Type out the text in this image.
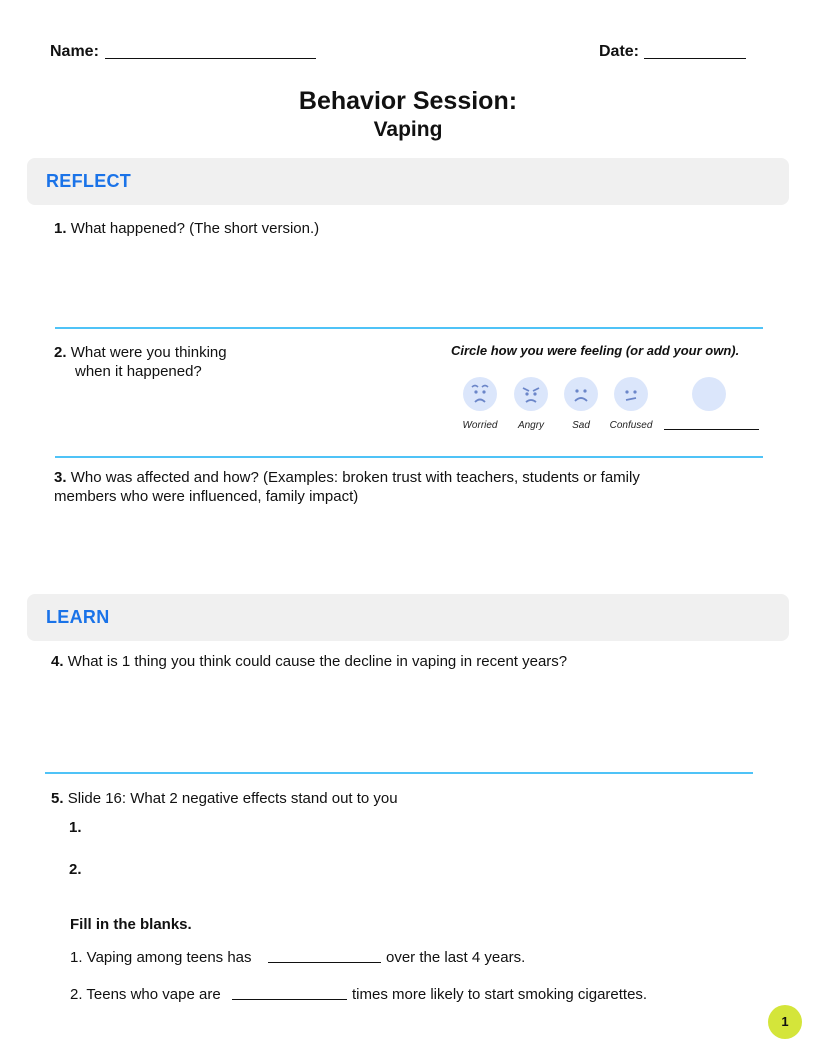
Name:	Date:
Behavior Session:
Vaping
REFLECT
1. What happened? (The short version.)
2. What were you thinking
when it happened?
Circle how you were feeling (or add your own).
Worried	Angry	Sad	Confused
3. Who was affected and how? (Examples: broken trust with teachers, students or family
members who were influenced, family impact)
LEARN
4. What is 1 thing you think could cause the decline in vaping in recent years?
5. Slide 16: What 2 negative effects stand out to you
1.
2.
Fill in the blanks.
1. Vaping among teens has	over the last 4 years.
2. Teens who vape are	times more likely to start smoking cigarettes.
1
